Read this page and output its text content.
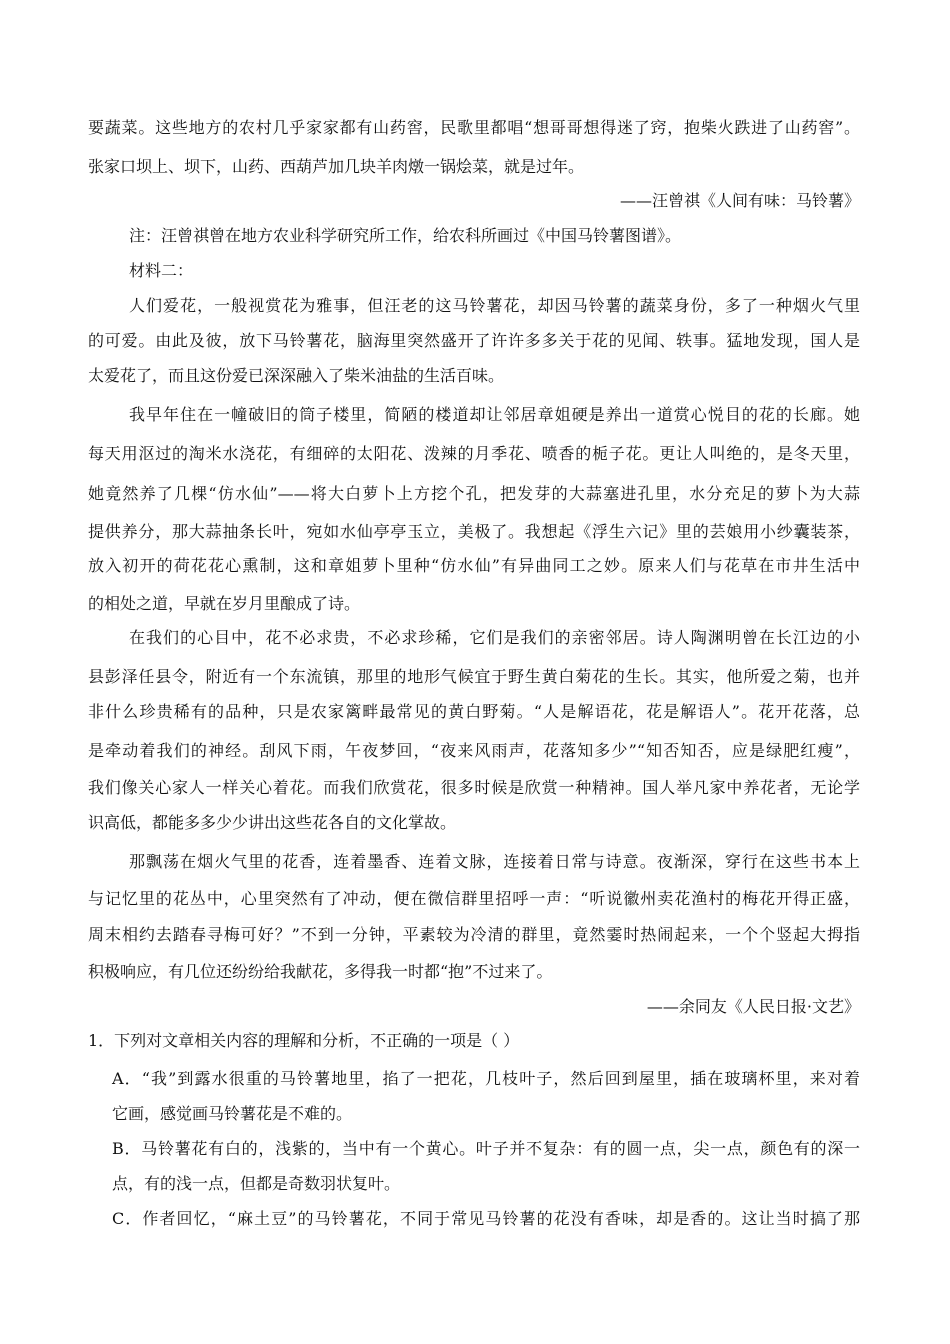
要蔬菜。这些地方的农村几乎家家都有山药窖，民歌里都唱“想哥哥想得迷了窍，抱柴火跌进了山药窖”。
张家口坝上、坝下，山药、西葫芦加几块羊肉燉一锅烩菜，就是过年。
——汪曾祺《人间有味：马铃薯》
注：汪曾祺曾在地方农业科学研究所工作，给农科所画过《中国马铃薯图谱》。
材料二：
人们爱花，一般视赏花为雅事，但汪老的这马铃薯花，却因马铃薯的蔬菜身份，多了一种烟火气里
的可爱。由此及彼，放下马铃薯花，脑海里突然盛开了许许多多关于花的见闻、轶事。猛地发现，国人是
太爱花了，而且这份爱已深深融入了柴米油盐的生活百味。
我早年住在一幢破旧的筒子楼里，简陋的楼道却让邻居章姐硬是养出一道赏心悦目的花的长廊。她
每天用沤过的淘米水浇花，有细碎的太阳花、泼辣的月季花、喷香的栀子花。更让人叫绝的，是冬天里，
她竟然养了几棵“仿水仙”——将大白萝卜上方挖个孔，把发芽的大蒜塞进孔里，水分充足的萝卜为大蒜
提供养分，那大蒜抽条长叶，宛如水仙亭亭玉立，美极了。我想起《浮生六记》里的芸娘用小纱囊装茶，
放入初开的荷花花心熏制，这和章姐萝卜里种“仿水仙”有异曲同工之妙。原来人们与花草在市井生活中
的相处之道，早就在岁月里酿成了诗。
在我们的心目中，花不必求贵，不必求珍稀，它们是我们的亲密邻居。诗人陶渊明曾在长江边的小
县彭泽任县令，附近有一个东流镇，那里的地形气候宜于野生黄白菊花的生长。其实，他所爱之菊，也并
非什么珍贵稀有的品种，只是农家篱畔最常见的黄白野菊。“人是解语花，花是解语人”。花开花落，总
是牵动着我们的神经。刮风下雨，午夜梦回，“夜来风雨声，花落知多少”“知否知否，应是绿肥红瘦”，
我们像关心家人一样关心着花。而我们欣赏花，很多时候是欣赏一种精神。国人举凡家中养花者，无论学
识高低，都能多多少少讲出这些花各自的文化掌故。
那飘荡在烟火气里的花香，连着墨香、连着文脉，连接着日常与诗意。夜渐深，穿行在这些书本上
与记忆里的花丛中，心里突然有了冲动，便在微信群里招呼一声：“听说徽州卖花渔村的梅花开得正盛，
周末相约去踏春寻梅可好？”不到一分钟，平素较为冷清的群里，竟然霎时热闹起来，一个个竖起大拇指
积极响应，有几位还纷纷给我献花，多得我一时都“抱”不过来了。
——余同友《人民日报·文艺》
1．下列对文章相关内容的理解和分析，不正确的一项是（ ）
A．“我”到露水很重的马铃薯地里，掐了一把花，几枝叶子，然后回到屋里，插在玻璃杯里，来对着
它画，感觉画马铃薯花是不难的。
B．马铃薯花有白的，浅紫的，当中有一个黄心。叶子并不复杂：有的圆一点，尖一点，颜色有的深一
点，有的浅一点，但都是奇数羽状复叶。
C．作者回忆，“麻土豆”的马铃薯花，不同于常见马铃薯的花没有香味，却是香的。这让当时搞了那
